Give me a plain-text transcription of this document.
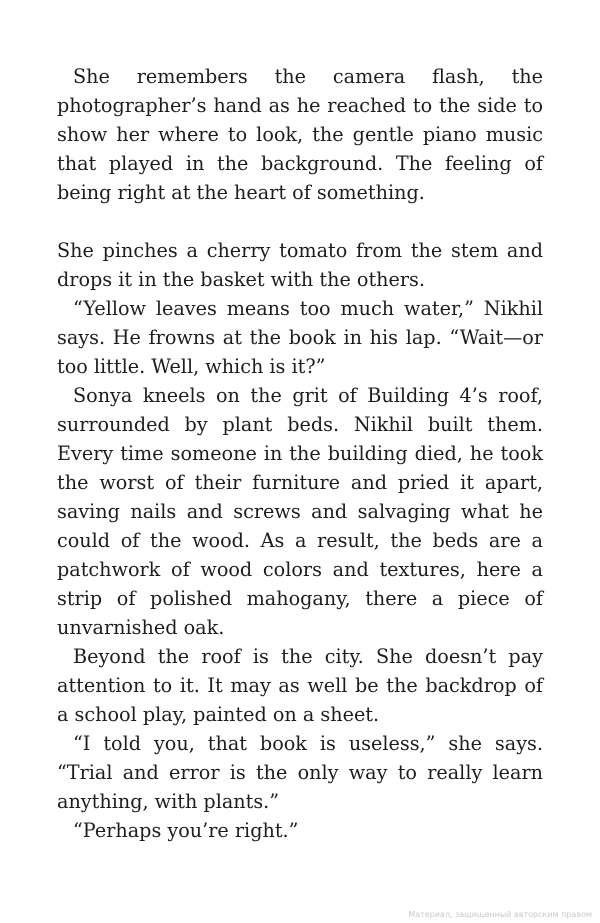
She remembers the camera flash, the photographer’s hand as he reached to the side to show her where to look, the gentle piano music that played in the background. The feeling of being right at the heart of something.

She pinches a cherry tomato from the stem and drops it in the basket with the others.

“Yellow leaves means too much water,” Nikhil says. He frowns at the book in his lap. “Wait—or too little. Well, which is it?”

Sonya kneels on the grit of Building 4’s roof, surrounded by plant beds. Nikhil built them. Every time someone in the building died, he took the worst of their furniture and pried it apart, saving nails and screws and salvaging what he could of the wood. As a result, the beds are a patchwork of wood colors and textures, here a strip of polished mahogany, there a piece of unvarnished oak.

Beyond the roof is the city. She doesn’t pay attention to it. It may as well be the backdrop of a school play, painted on a sheet.

“I told you, that book is useless,” she says. “Trial and error is the only way to really learn anything, with plants.”

“Perhaps you’re right.”

Материал, защищенный авторским правом
